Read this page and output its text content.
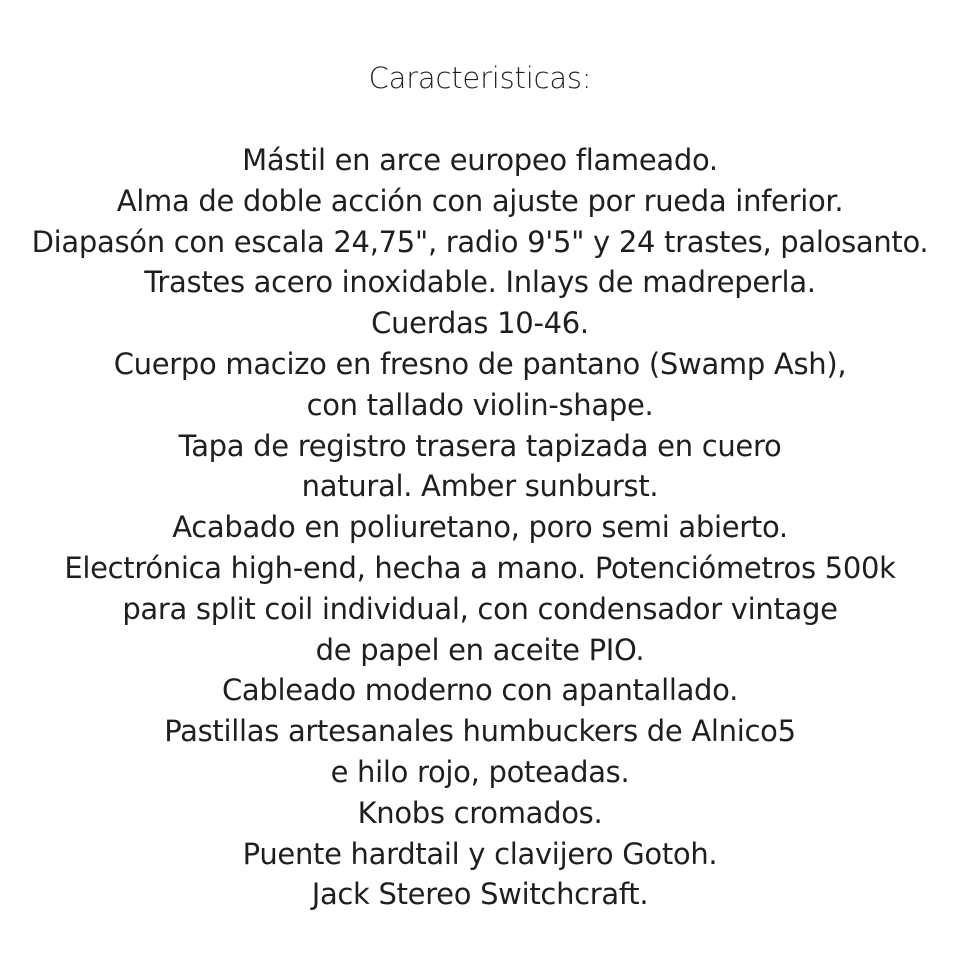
Caracteristicas:
Mástil en arce europeo flameado.
Alma de doble acción con ajuste por rueda inferior.
Diapasón con escala 24,75", radio 9'5" y 24 trastes, palosanto.
Trastes acero inoxidable. Inlays de madreperla.
Cuerdas 10-46.
Cuerpo macizo en fresno de pantano (Swamp Ash),
con tallado violin-shape.
Tapa de registro trasera tapizada en cuero
natural. Amber sunburst.
Acabado en poliuretano, poro semi abierto.
Electrónica high-end, hecha a mano. Potenciómetros 500k
para split coil individual, con condensador vintage
de papel en aceite PIO.
Cableado moderno con apantallado.
Pastillas artesanales humbuckers de Alnico5
e hilo rojo, poteadas.
Knobs cromados.
Puente hardtail y clavijero Gotoh.
Jack Stereo Switchcraft.
